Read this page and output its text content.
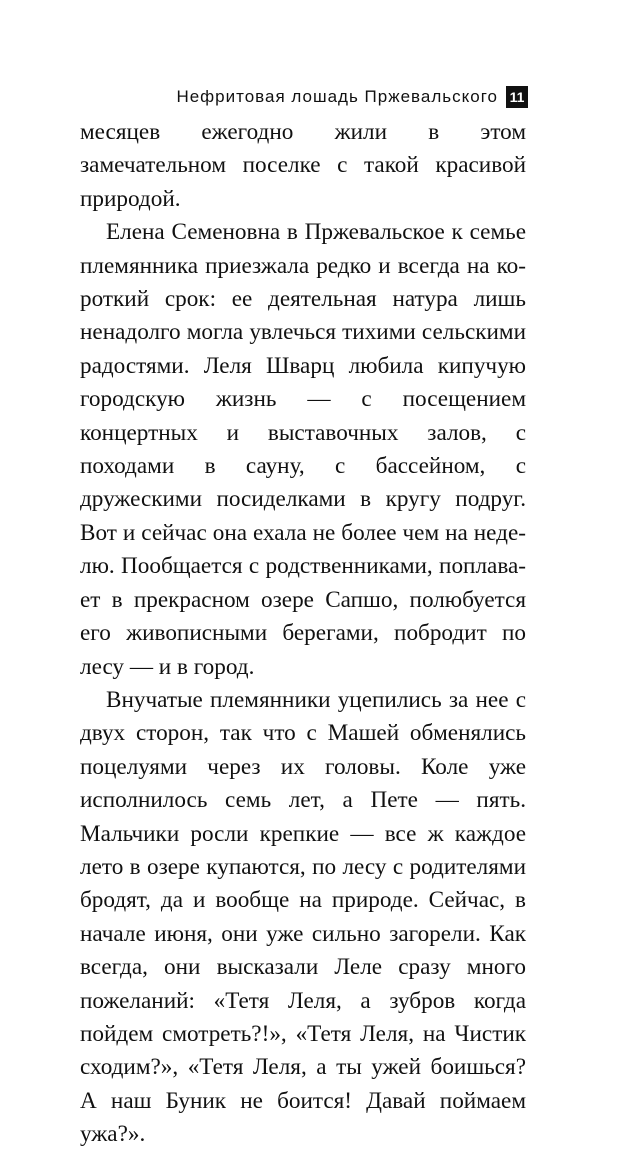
Нефритовая лошадь Пржевальского 11

месяцев ежегодно жили в этом замечательном поселке с такой красивой природой.

Елена Семеновна в Пржевальское к семье племянника приезжала редко и всегда на короткий срок: ее деятельная натура лишь ненадолго могла увлечься тихими сельскими радостями. Леля Шварц любила кипучую городскую жизнь — с посещением концертных и выставочных залов, с походами в сауну, с бассейном, с дружескими посиделками в кругу подруг. Вот и сейчас она ехала не более чем на неделю. Пообщается с родственниками, поплавает в прекрасном озере Сапшо, полюбуется его живописными берегами, побродит по лесу — и в город.

Внучатые племянники уцепились за нее с двух сторон, так что с Машей обменялись поцелуями через их головы. Коле уже исполнилось семь лет, а Пете — пять. Мальчики росли крепкие — все ж каждое лето в озере купаются, по лесу с родителями бродят, да и вообще на природе. Сейчас, в начале июня, они уже сильно загорели. Как всегда, они высказали Леле сразу много пожеланий: «Тетя Леля, а зубров когда пойдем смотреть?!», «Тетя Леля, на Чистик сходим?», «Тетя Леля, а ты ужей боишься? А наш Буник не боится! Давай поймаем ужа?».
